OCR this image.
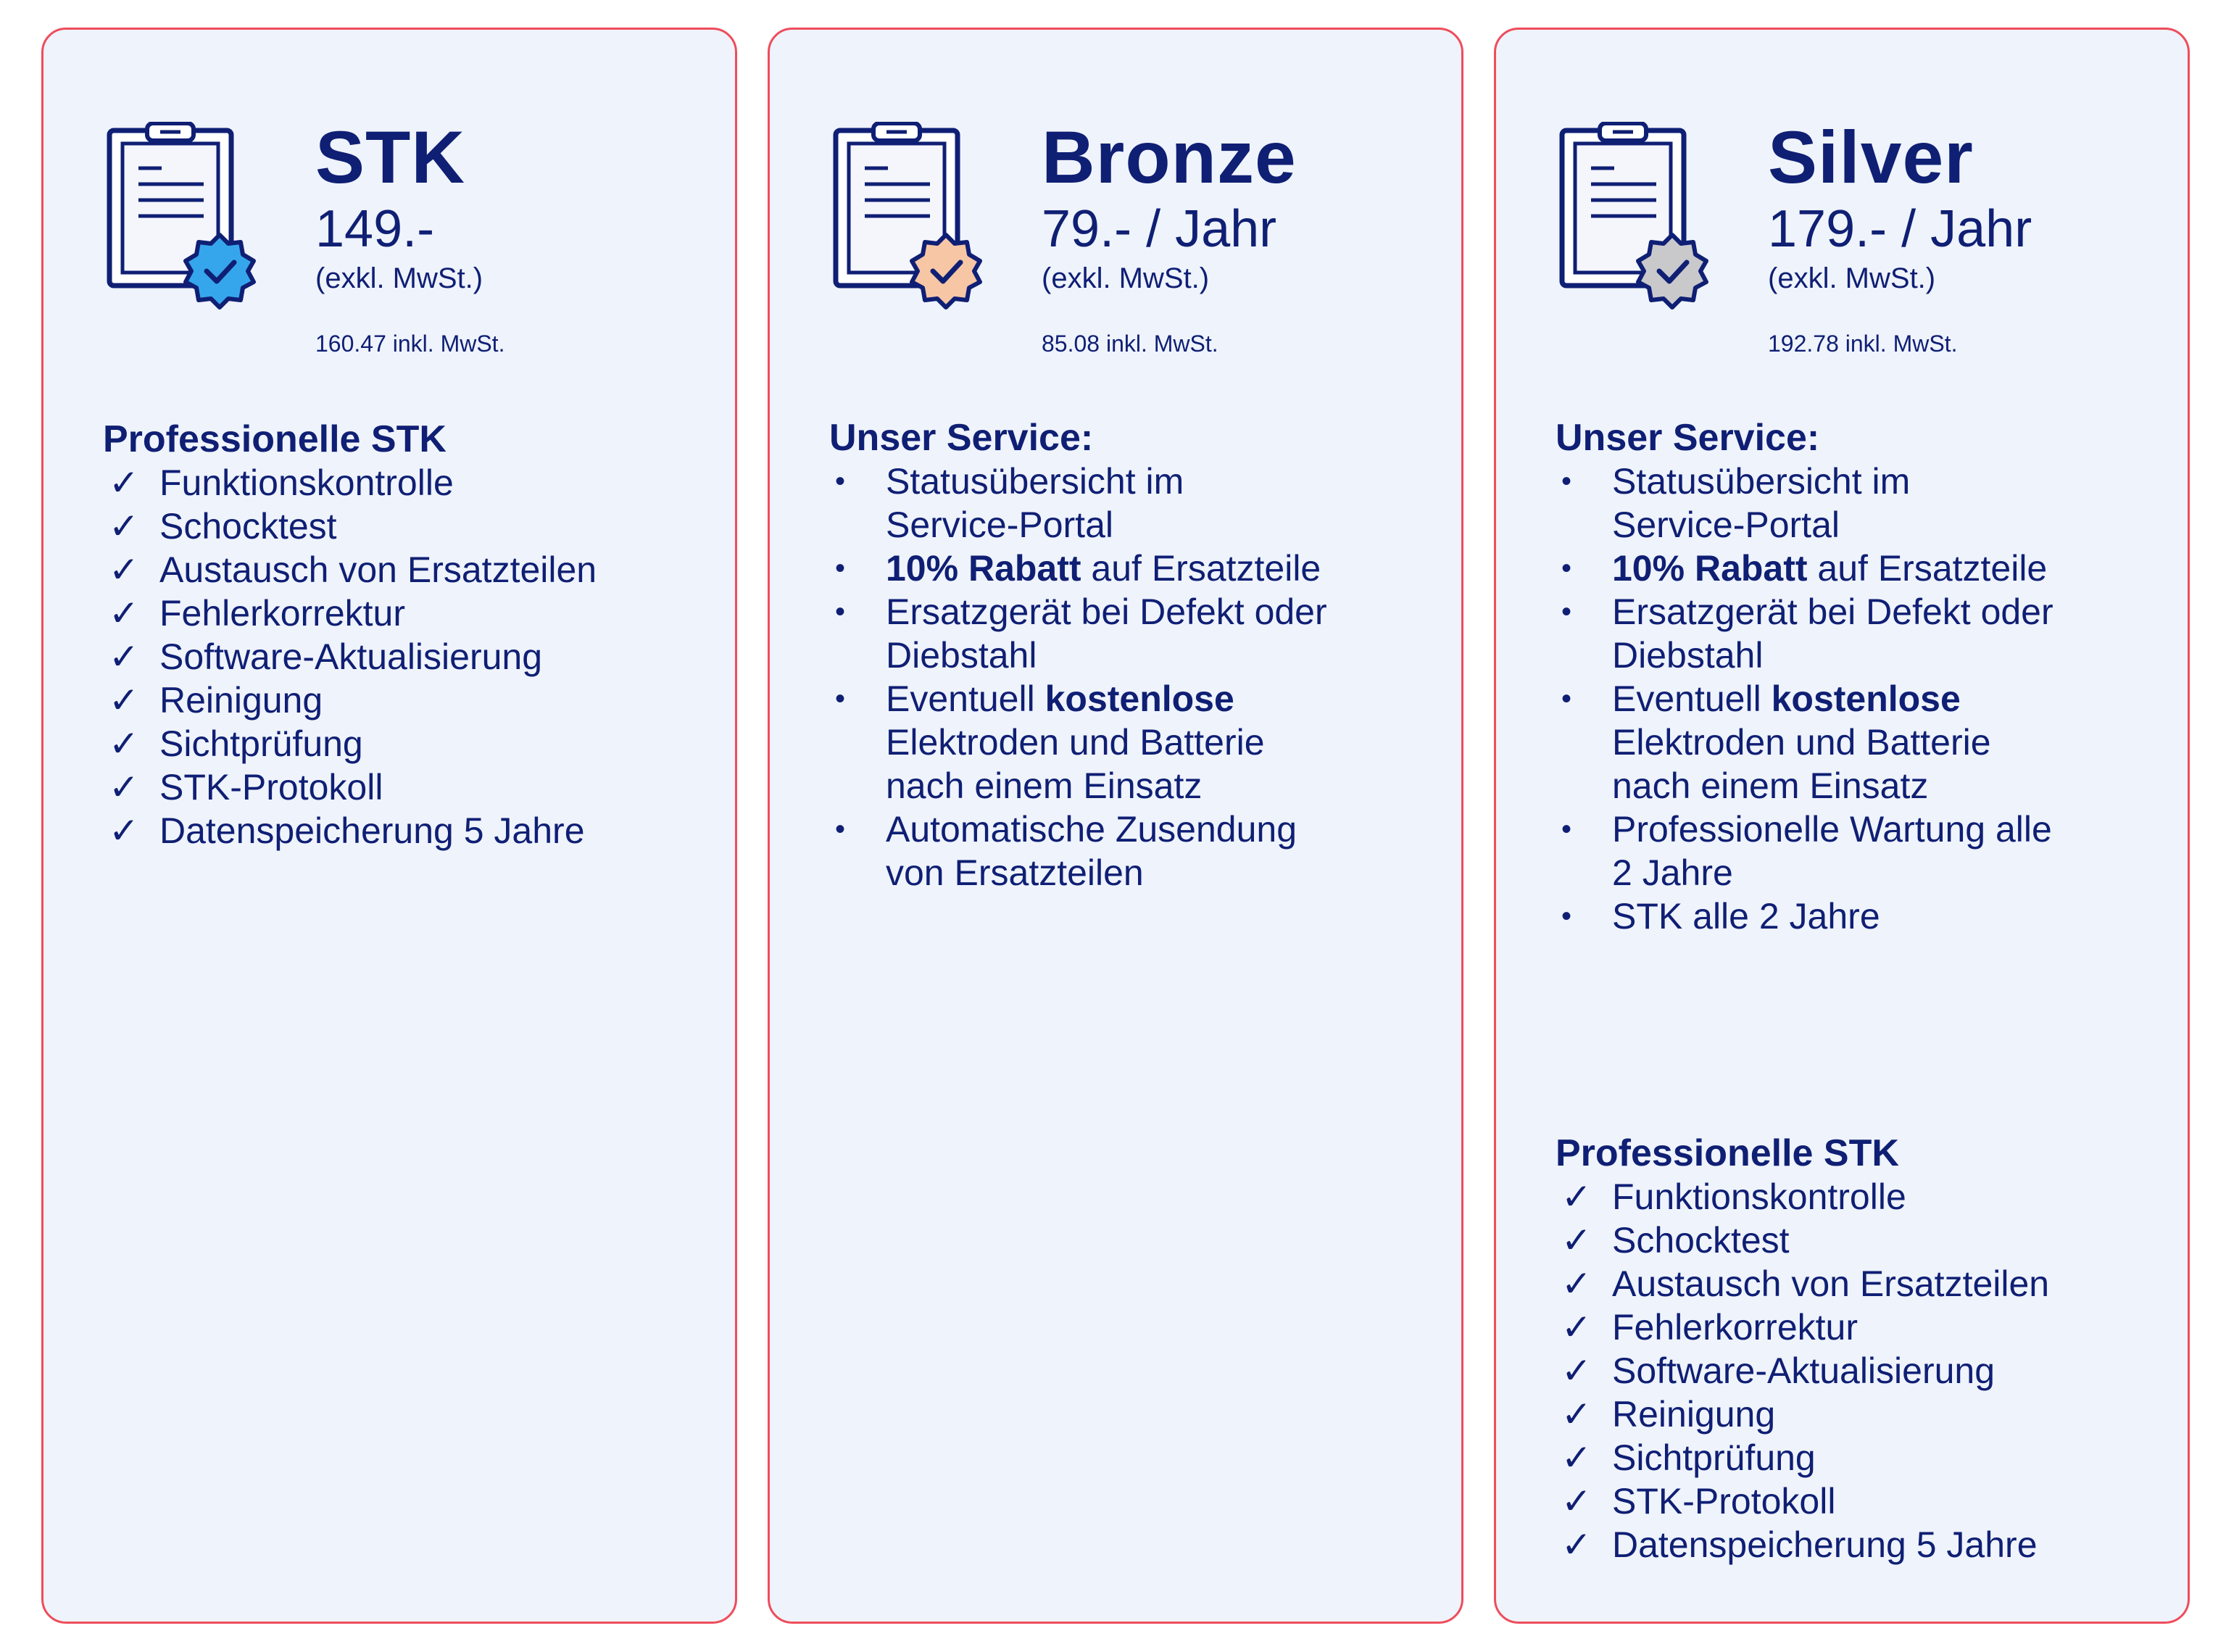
STK
149.-
(exkl. MwSt.)
160.47 inkl. MwSt.
Professionelle STK
✓ Funktionskontrolle
✓ Schocktest
✓ Austausch von Ersatzteilen
✓ Fehlerkorrektur
✓ Software-Aktualisierung
✓ Reinigung
✓ Sichtprüfung
✓ STK-Protokoll
✓ Datenspeicherung 5 Jahre
Bronze
79.- / Jahr
(exkl. MwSt.)
85.08 inkl. MwSt.
Unser Service:
• Statusübersicht im
Service-Portal
• 10% Rabatt auf Ersatzteile
• Ersatzgerät bei Defekt oder
Diebstahl
• Eventuell kostenlose
Elektroden und Batterie
nach einem Einsatz
• Automatische Zusendung
von Ersatzteilen
Silver
179.- / Jahr
(exkl. MwSt.)
192.78 inkl. MwSt.
Unser Service:
• Statusübersicht im
Service-Portal
• 10% Rabatt auf Ersatzteile
• Ersatzgerät bei Defekt oder
Diebstahl
• Eventuell kostenlose
Elektroden und Batterie
nach einem Einsatz
• Professionelle Wartung alle
2 Jahre
• STK alle 2 Jahre
Professionelle STK
✓ Funktionskontrolle
✓ Schocktest
✓ Austausch von Ersatzteilen
✓ Fehlerkorrektur
✓ Software-Aktualisierung
✓ Reinigung
✓ Sichtprüfung
✓ STK-Protokoll
✓ Datenspeicherung 5 Jahre
